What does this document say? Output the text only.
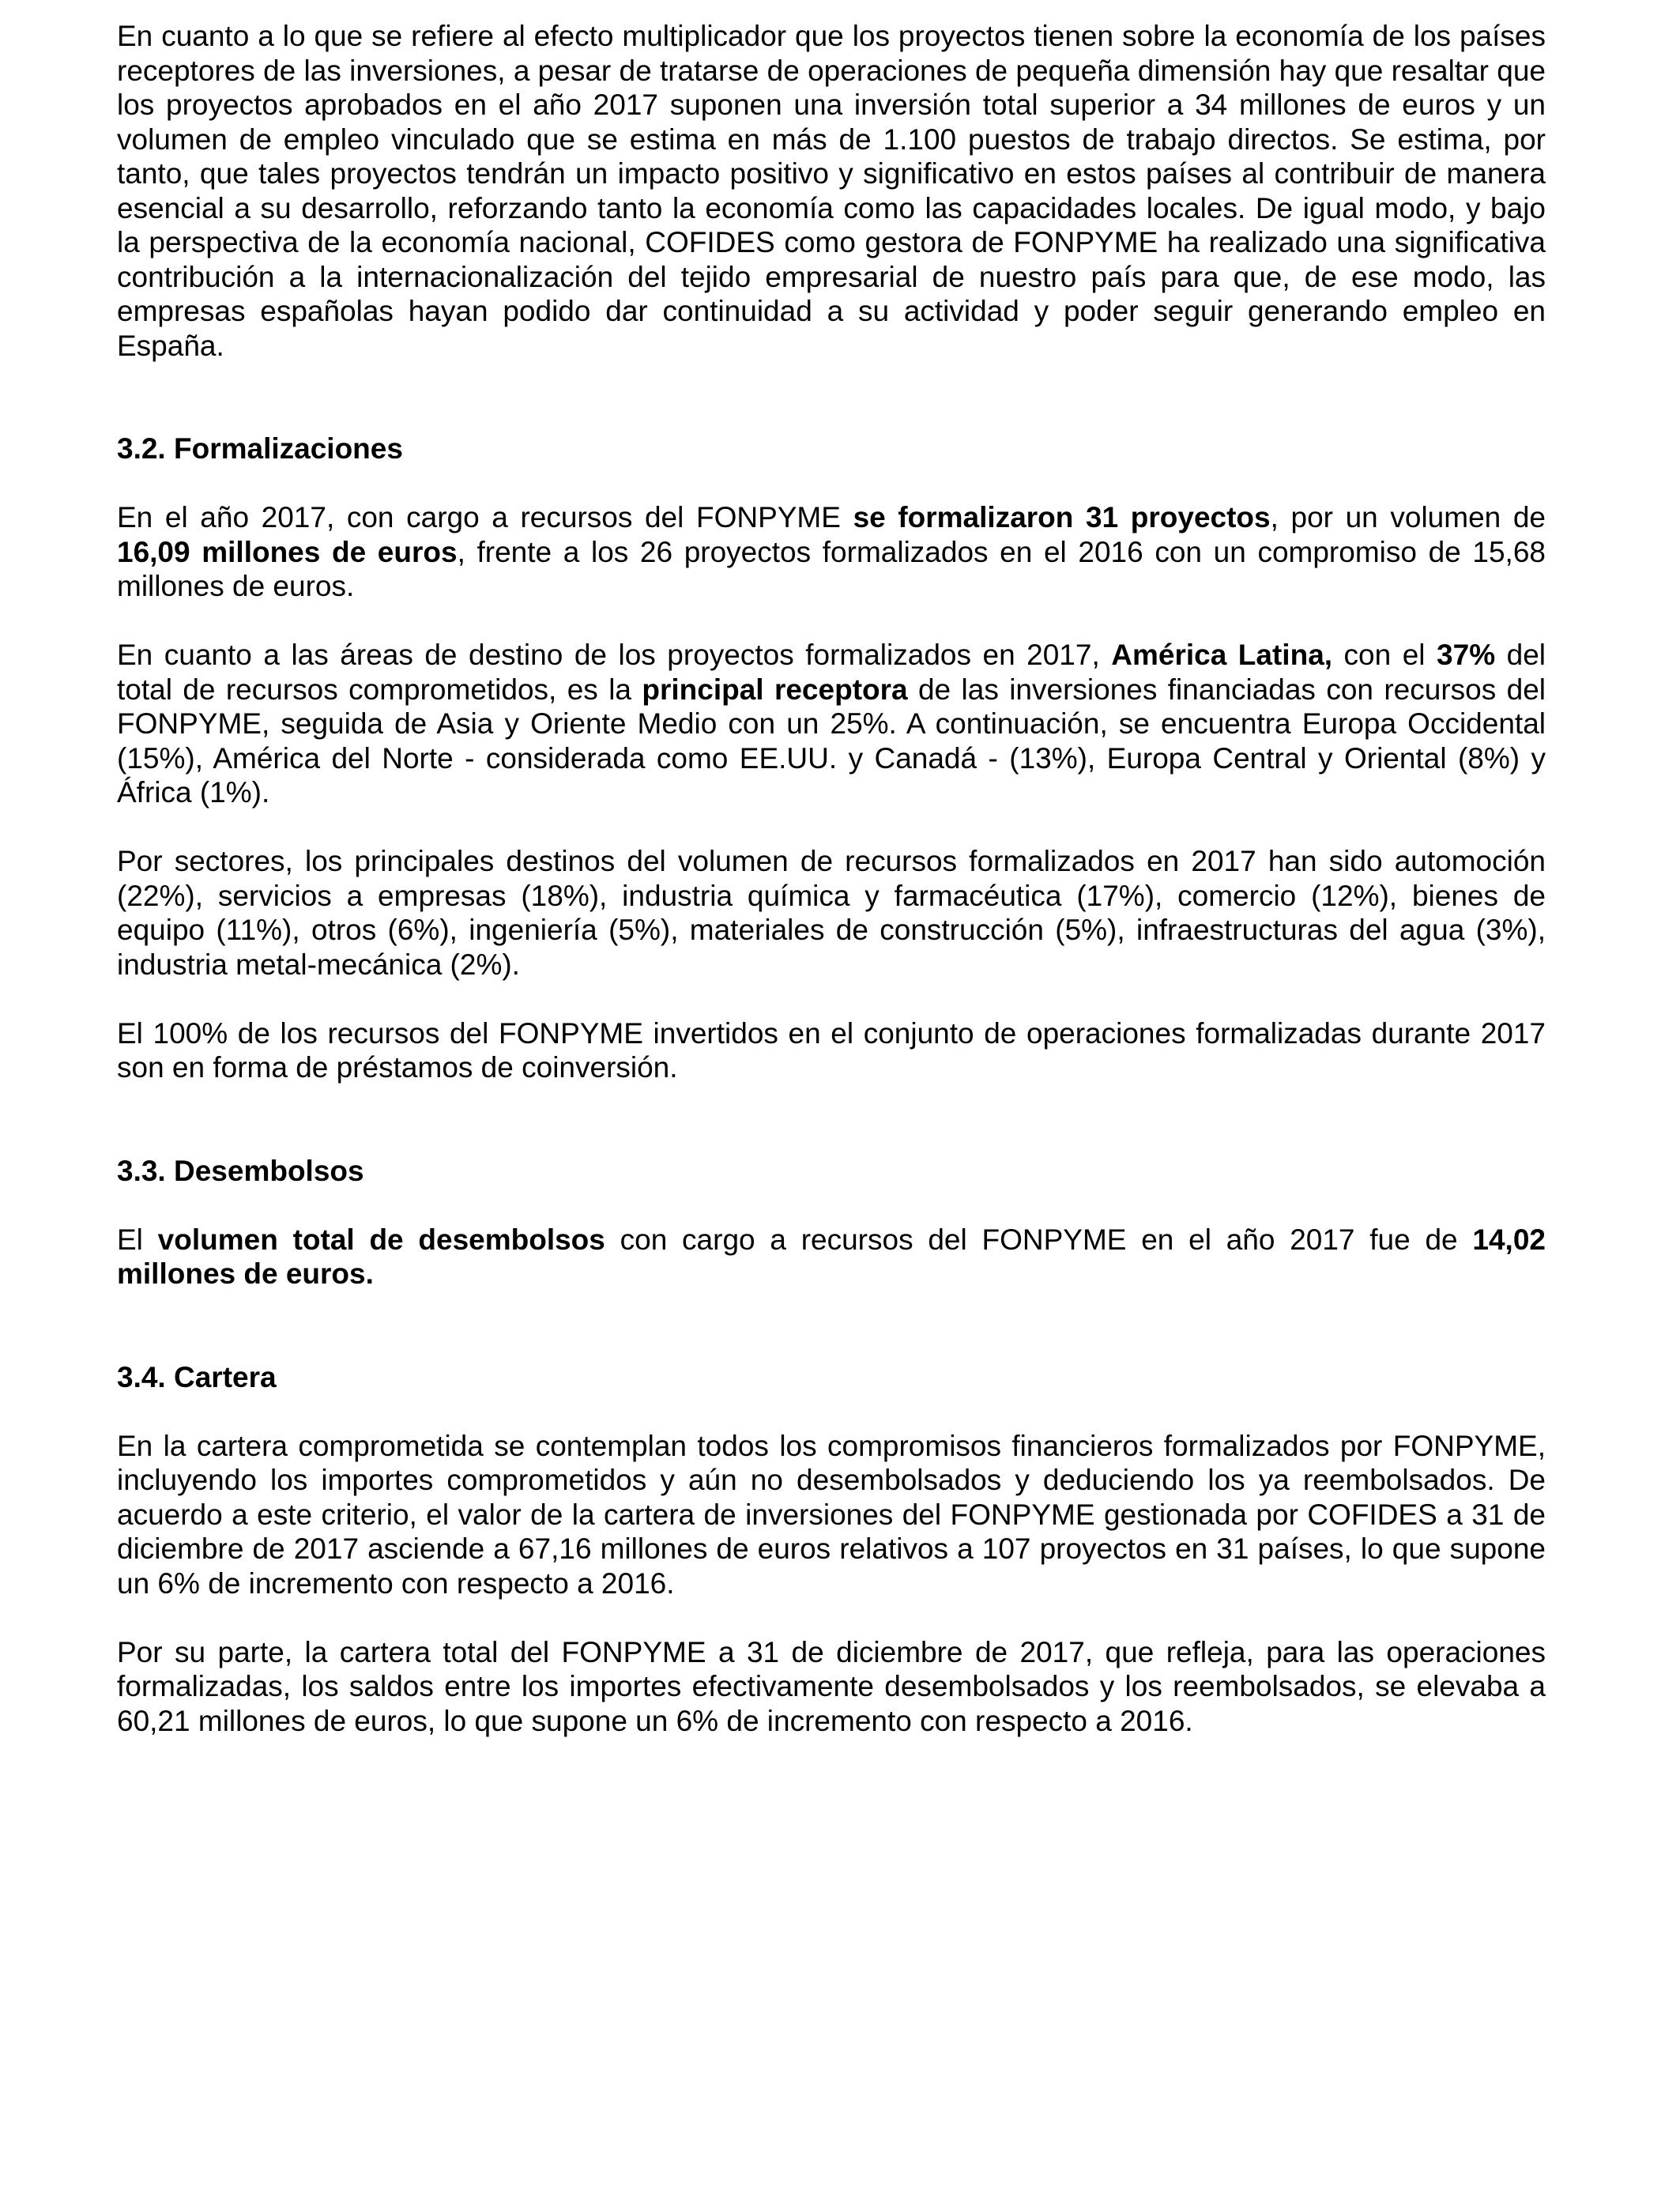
En cuanto a lo que se refiere al efecto multiplicador que los proyectos tienen sobre la economía de los países receptores de las inversiones, a pesar de tratarse de operaciones de pequeña dimensión hay que resaltar que los proyectos aprobados en el año 2017 suponen una inversión total superior a 34 millones de euros y un volumen de empleo vinculado que se estima en más de 1.100 puestos de trabajo directos. Se estima, por tanto, que tales proyectos tendrán un impacto positivo y significativo en estos países al contribuir de manera esencial a su desarrollo, reforzando tanto la economía como las capacidades locales. De igual modo, y bajo la perspectiva de la economía nacional, COFIDES como gestora de FONPYME ha realizado una significativa contribución a la internacionalización del tejido empresarial de nuestro país para que, de ese modo, las empresas españolas hayan podido dar continuidad a su actividad y poder seguir generando empleo en España.

3.2. Formalizaciones

En el año 2017, con cargo a recursos del FONPYME se formalizaron 31 proyectos, por un volumen de 16,09 millones de euros, frente a los 26 proyectos formalizados en el 2016 con un compromiso de 15,68 millones de euros.

En cuanto a las áreas de destino de los proyectos formalizados en 2017, América Latina, con el 37% del total de recursos comprometidos, es la principal receptora de las inversiones financiadas con recursos del FONPYME, seguida de Asia y Oriente Medio con un 25%. A continuación, se encuentra Europa Occidental (15%), América del Norte - considerada como EE.UU. y Canadá - (13%), Europa Central y Oriental (8%) y África (1%).

Por sectores, los principales destinos del volumen de recursos formalizados en 2017 han sido automoción (22%), servicios a empresas (18%), industria química y farmacéutica (17%), comercio (12%), bienes de equipo (11%), otros (6%), ingeniería (5%), materiales de construcción (5%), infraestructuras del agua (3%), industria metal-mecánica (2%).

El 100% de los recursos del FONPYME invertidos en el conjunto de operaciones formalizadas durante 2017 son en forma de préstamos de coinversión.

3.3. Desembolsos

El volumen total de desembolsos con cargo a recursos del FONPYME en el año 2017 fue de 14,02 millones de euros.

3.4. Cartera

En la cartera comprometida se contemplan todos los compromisos financieros formalizados por FONPYME, incluyendo los importes comprometidos y aún no desembolsados y deduciendo los ya reembolsados. De acuerdo a este criterio, el valor de la cartera de inversiones del FONPYME gestionada por COFIDES a 31 de diciembre de 2017 asciende a 67,16 millones de euros relativos a 107 proyectos en 31 países, lo que supone un 6% de incremento con respecto a 2016.

Por su parte, la cartera total del FONPYME a 31 de diciembre de 2017, que refleja, para las operaciones formalizadas, los saldos entre los importes efectivamente desembolsados y los reembolsados, se elevaba a 60,21 millones de euros, lo que supone un 6% de incremento con respecto a 2016.
